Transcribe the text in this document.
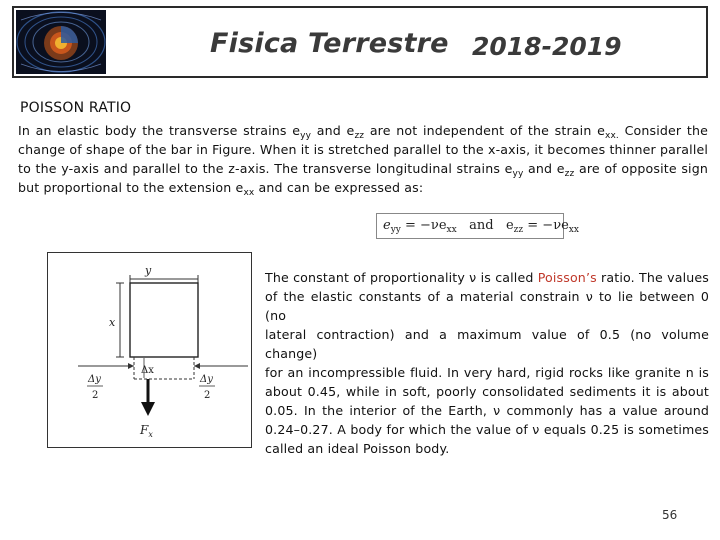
Fisica Terrestre 2018-2019
POISSON RATIO
In an elastic body the transverse strains $e_{yy}$ and $e_{zz}$ are not independent of the strain $e_{xx.}$ Consider the
change of shape of the bar in Figure. When it is stretched parallel to the x-axis, it becomes thinner parallel
to the y-axis and parallel to the z-axis. The transverse longitudinal strains $e_{yy}$ and $e_{zz}$ are of opposite sign
but proportional to the extension $e_{xx}$ and can be expressed as:
$e_{yy} = -\nu e_{xx}$ and $e_{zz} = -\nu e_{xx}$
y
x
Δx
$F_x$
Δy
2
Δy
2
The constant of proportionality ν is called Poisson’s ratio. The values
of the elastic constants of a material constrain ν to lie between 0 (no
lateral contraction) and a maximum value of 0.5 (no volume change)
for an incompressible fluid. In very hard, rigid rocks like granite n is
about 0.45, while in soft, poorly consolidated sediments it is about
0.05. In the interior of the Earth, ν commonly has a value around
0.24–0.27. A body for which the value of ν equals 0.25 is sometimes
called an ideal Poisson body.
56
